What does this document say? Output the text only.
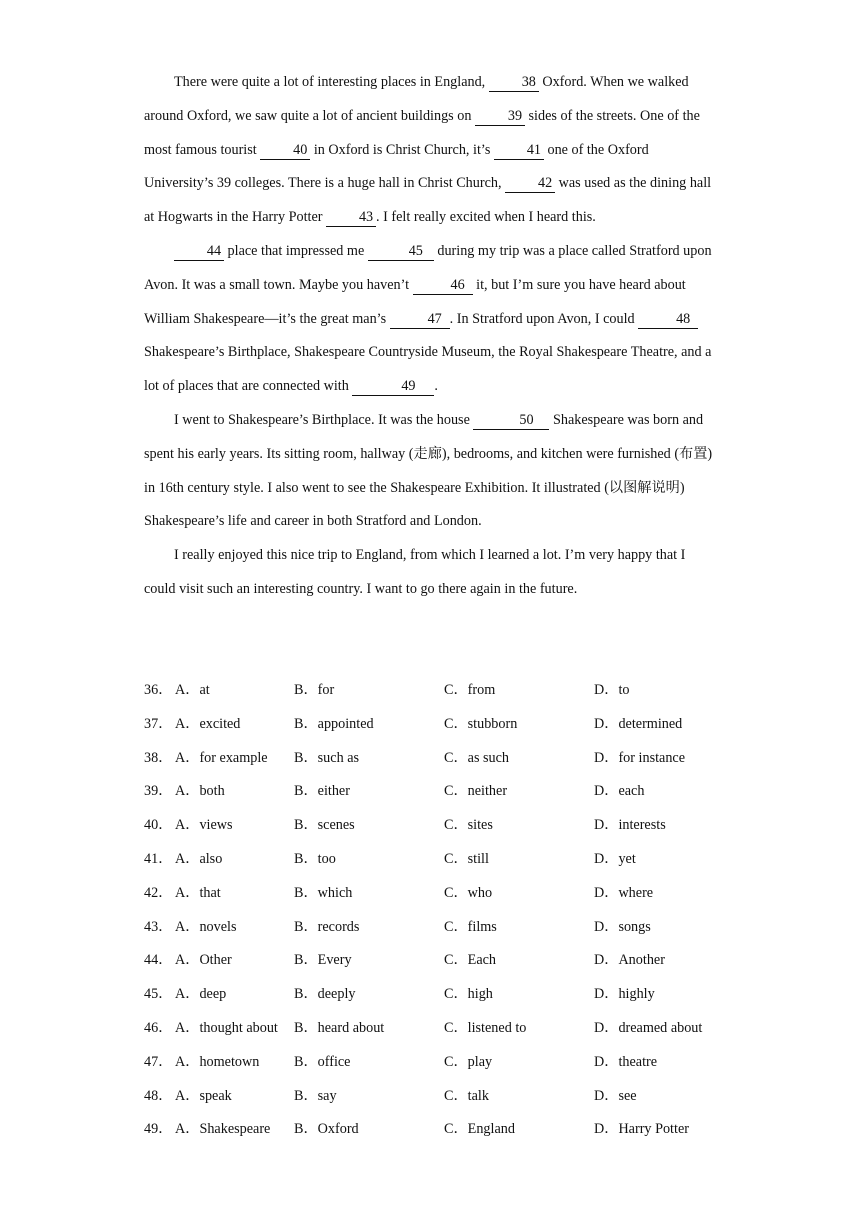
There were quite a lot of interesting places in England, 38 Oxford. When we walked around Oxford, we saw quite a lot of ancient buildings on 39 sides of the streets. One of the most famous tourist 40 in Oxford is Christ Church, it’s 41 one of the Oxford University’s 39 colleges. There is a huge hall in Christ Church, 42 was used as the dining hall at Hogwarts in the Harry Potter 43 . I felt really excited when I heard this.

44 place that impressed me	45 during my trip was a place called Stratford upon Avon. It was a small town. Maybe you haven’t	46 it, but I’m sure you have heard about William Shakespeare—it’s the great man’s	47 . In Stratford upon Avon, I could	48 Shakespeare’s Birthplace, Shakespeare Countryside Museum, the Royal Shakespeare Theatre, and a lot of places that are connected with	49 .

I went to Shakespeare’s Birthplace. It was the house	50 Shakespeare was born and spent his early years. Its sitting room, hallway (走廊), bedrooms, and kitchen were furnished (布置) in 16th century style. I also went to see the Shakespeare Exhibition. It illustrated (以图解说明) Shakespeare’s life and career in both Stratford and London.

I really enjoyed this nice trip to England, from which I learned a lot. I’m very happy that I could visit such an interesting country. I want to go there again in the future.

36． A．at	B．for	C．from	D．to
37． A．excited	B．appointed	C．stubborn	D．determined
38． A．for example B．such as	C．as such	D．for instance
39． A．both	B．either	C．neither	D．each
40． A．views	B．scenes	C．sites	D．interests
41． A．also	B．too	C．still	D．yet
42． A．that	B．which	C．who	D．where
43． A．novels	B．records	C．films	D．songs
44． A．Other	B．Every	C．Each	D．Another
45． A．deep	B．deeply	C．high	D．highly
46． A．thought about B．heard about	C．listened to	D．dreamed about
47． A．hometown B．office	C．play	D．theatre
48． A．speak	B．say	C．talk	D．see
49． A．Shakespeare B．Oxford	C．England	D．Harry Potter
